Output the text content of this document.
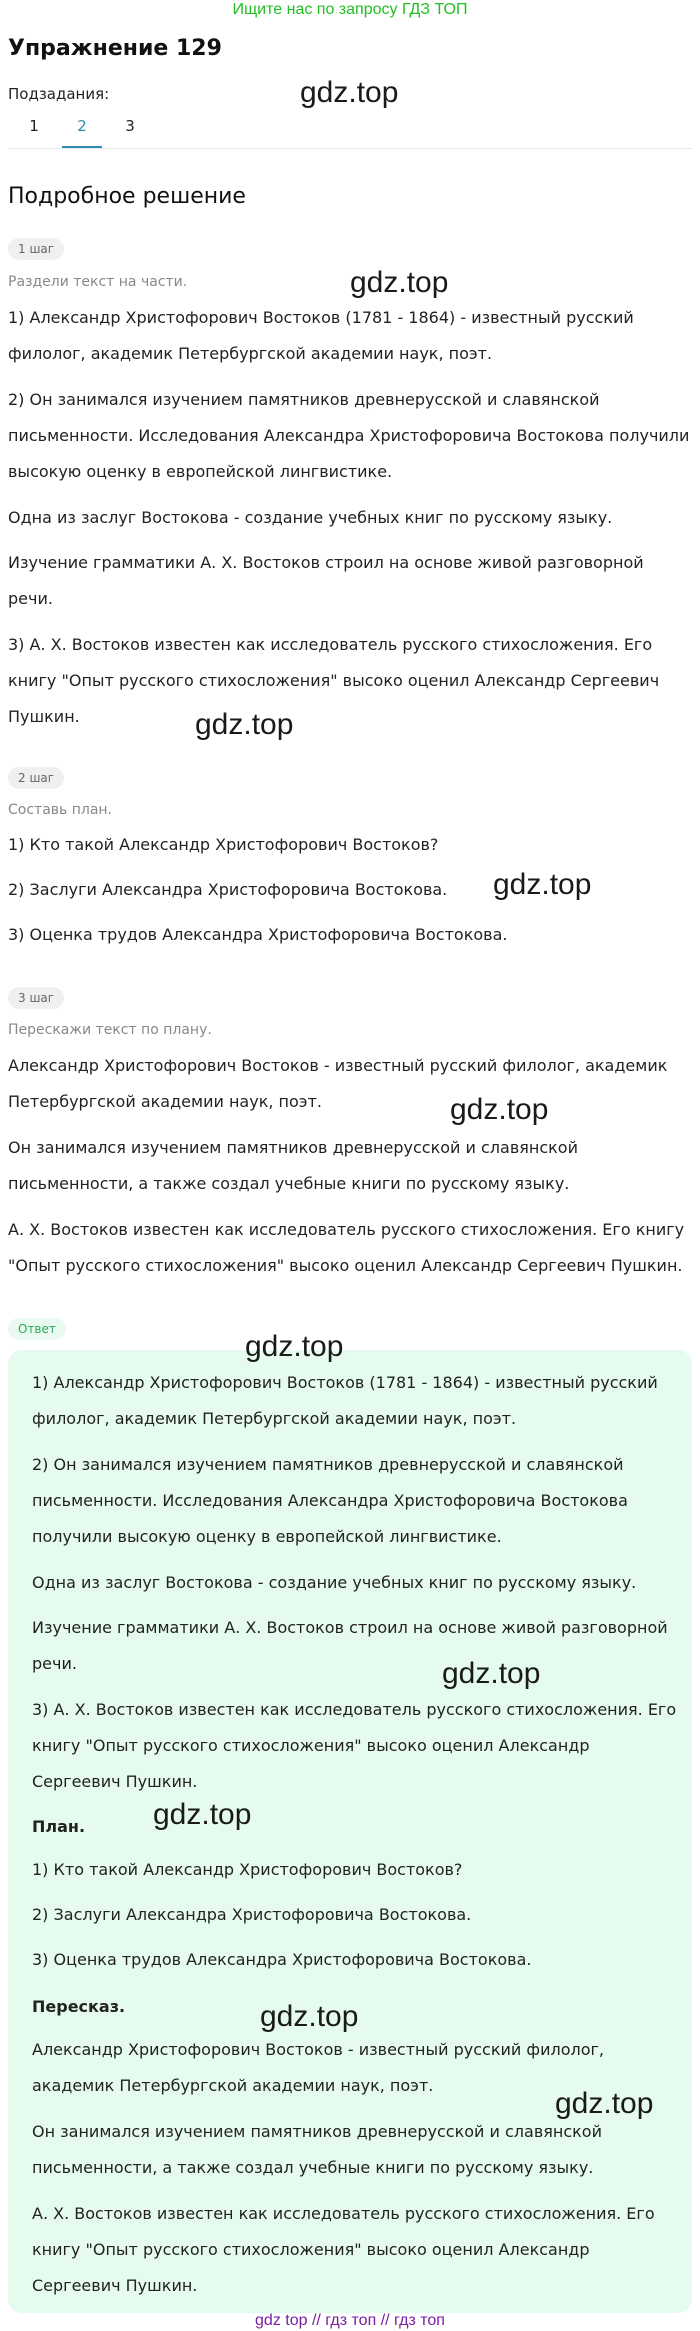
Ищите нас по запросу ГДЗ ТОП
Упражнение 129
Подзадания:
1	2	3
Подробное решение
1 шаг
Раздели текст на части.

1) Александр Христофорович Востоков (1781 - 1864) - известный русский филолог, академик Петербургской академии наук, поэт.

2) Он занимался изучением памятников древнерусской и славянской письменности. Исследования Александра Христофоровича Востокова получили высокую оценку в европейской лингвистике.

Одна из заслуг Востокова - создание учебных книг по русскому языку.

Изучение грамматики А. Х. Востоков строил на основе живой разговорной речи.

3) А. Х. Востоков известен как исследователь русского стихосложения. Его книгу "Опыт русского стихосложения" высоко оценил Александр Сергеевич Пушкин.

2 шаг
Составь план.

1) Кто такой Александр Христофорович Востоков?

2) Заслуги Александра Христофоровича Востокова.

3) Оценка трудов Александра Христофоровича Востокова.

3 шаг
Перескажи текст по плану.

Александр Христофорович Востоков - известный русский филолог, академик Петербургской академии наук, поэт.

Он занимался изучением памятников древнерусской и славянской письменности, а также создал учебные книги по русскому языку.

А. Х. Востоков известен как исследователь русского стихосложения. Его книгу "Опыт русского стихосложения" высоко оценил Александр Сергеевич Пушкин.

Ответ

1) Александр Христофорович Востоков (1781 - 1864) - известный русский филолог, академик Петербургской академии наук, поэт.

2) Он занимался изучением памятников древнерусской и славянской письменности. Исследования Александра Христофоровича Востокова получили высокую оценку в европейской лингвистике.

Одна из заслуг Востокова - создание учебных книг по русскому языку.

Изучение грамматики А. Х. Востоков строил на основе живой разговорной речи.

3) А. Х. Востоков известен как исследователь русского стихосложения. Его книгу "Опыт русского стихосложения" высоко оценил Александр Сергеевич Пушкин.

План.

1) Кто такой Александр Христофорович Востоков?

2) Заслуги Александра Христофоровича Востокова.

3) Оценка трудов Александра Христофоровича Востокова.

Пересказ.

Александр Христофорович Востоков - известный русский филолог, академик Петербургской академии наук, поэт.

Он занимался изучением памятников древнерусской и славянской письменности, а также создал учебные книги по русскому языку.

А. Х. Востоков известен как исследователь русского стихосложения. Его книгу "Опыт русского стихосложения" высоко оценил Александр Сергеевич Пушкин.

gdz.top
gdz.top
gdz.top
gdz.top
gdz.top
gdz.top
gdz.top
gdz.top
gdz.top
gdz.top
gdz top // гдз топ // гдз топ
